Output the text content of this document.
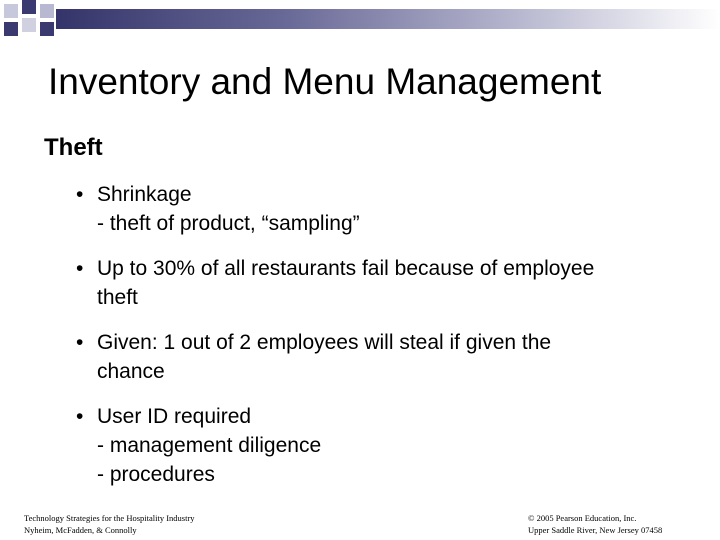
Inventory and Menu Management
Theft
• Shrinkage
- theft of product, “sampling”
• Up to 30% of all restaurants fail because of employee
theft
• Given: 1 out of 2 employees will steal if given the
chance
• User ID required
- management diligence
- procedures
Technology Strategies for the Hospitality Industry
Nyheim, McFadden, & Connolly
© 2005 Pearson Education, Inc.
Upper Saddle River, New Jersey 07458
